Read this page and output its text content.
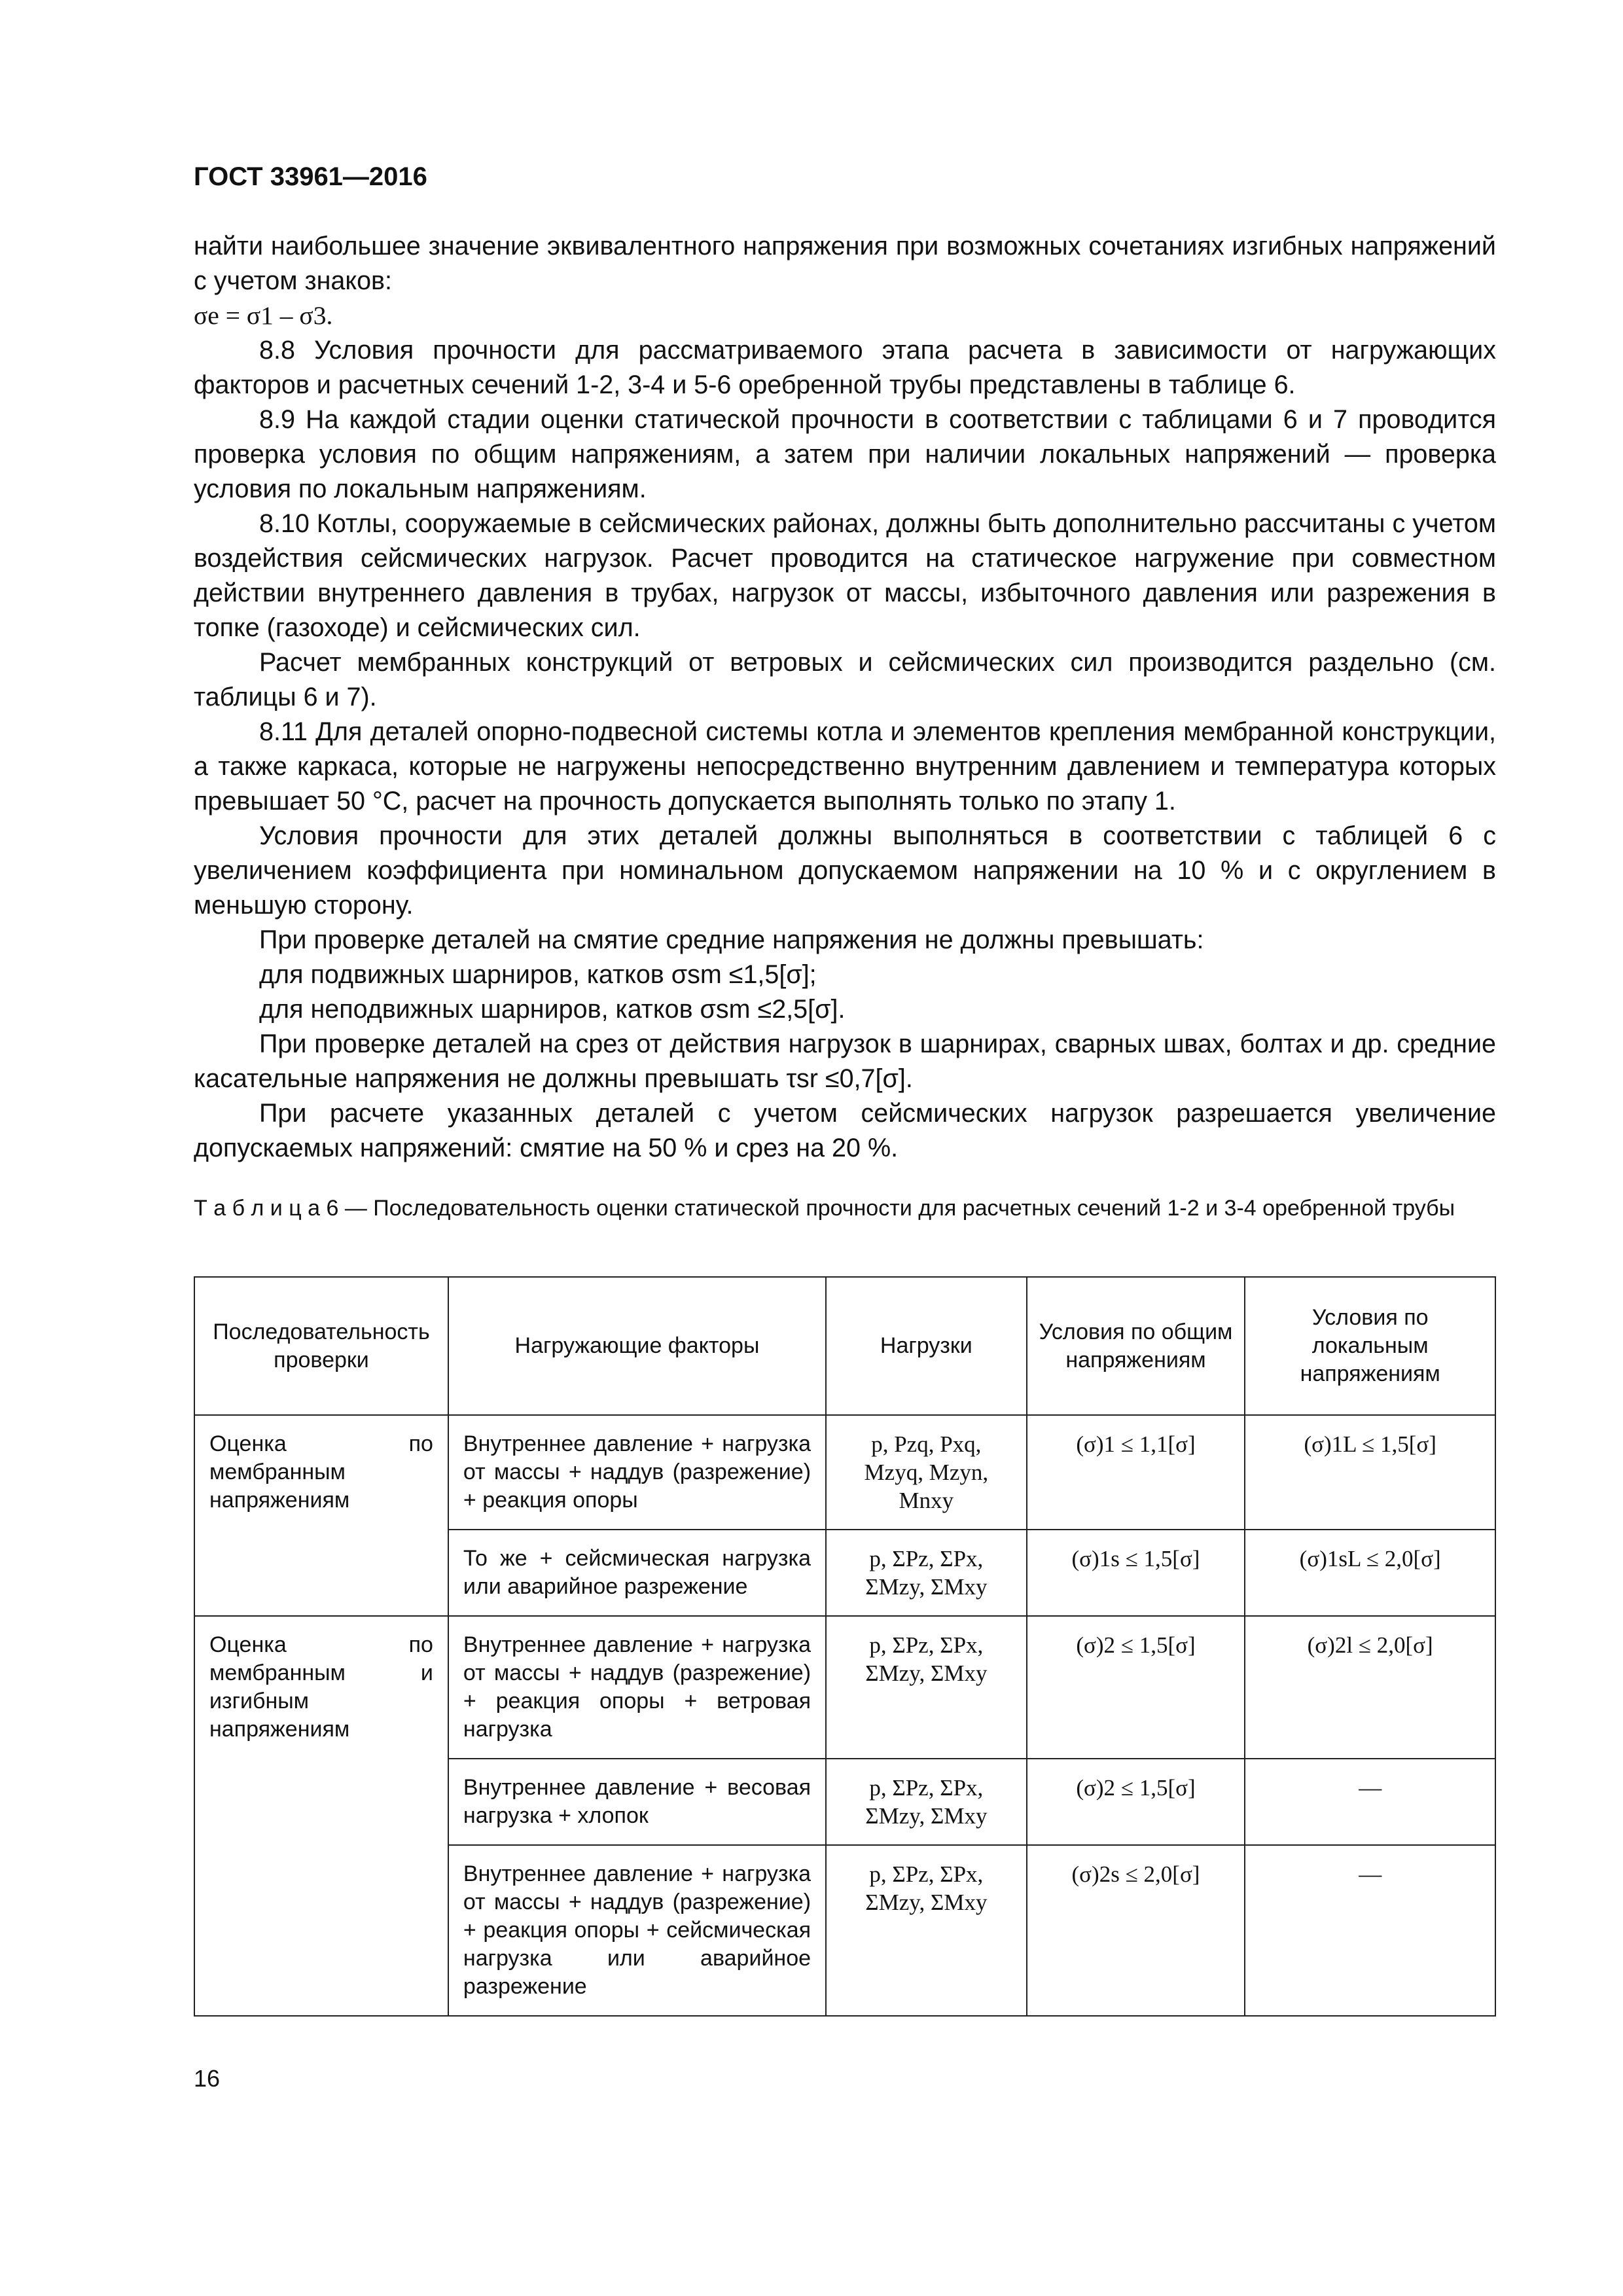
ГОСТ 33961—2016

найти наибольшее значение эквивалентного напряжения при возможных сочетаниях изгибных напряжений с учетом знаков:

σe = σ1 – σ3.

8.8 Условия прочности для рассматриваемого этапа расчета в зависимости от нагружающих факторов и расчетных сечений 1-2, 3-4 и 5-6 оребренной трубы представлены в таблице 6.

8.9 На каждой стадии оценки статической прочности в соответствии с таблицами 6 и 7 проводится проверка условия по общим напряжениям, а затем при наличии локальных напряжений — проверка условия по локальным напряжениям.

8.10 Котлы, сооружаемые в сейсмических районах, должны быть дополнительно рассчитаны с учетом воздействия сейсмических нагрузок. Расчет проводится на статическое нагружение при совместном действии внутреннего давления в трубах, нагрузок от массы, избыточного давления или разрежения в топке (газоходе) и сейсмических сил.

Расчет мембранных конструкций от ветровых и сейсмических сил производится раздельно (см. таблицы 6 и 7).

8.11 Для деталей опорно-подвесной системы котла и элементов крепления мембранной конструкции, а также каркаса, которые не нагружены непосредственно внутренним давлением и температура которых превышает 50 °С, расчет на прочность допускается выполнять только по этапу 1.

Условия прочности для этих деталей должны выполняться в соответствии с таблицей 6 с увеличением коэффициента при номинальном допускаемом напряжении на 10 % и с округлением в меньшую сторону.

При проверке деталей на смятие средние напряжения не должны превышать:

для подвижных шарниров, катков σsm ≤1,5[σ];

для неподвижных шарниров, катков σsm ≤2,5[σ].

При проверке деталей на срез от действия нагрузок в шарнирах, сварных швах, болтах и др. средние касательные напряжения не должны превышать τsr ≤0,7[σ].

При расчете указанных деталей с учетом сейсмических нагрузок разрешается увеличение допускаемых напряжений: смятие на 50 % и срез на 20 %.

Т а б л и ц а 6 — Последовательность оценки статической прочности для расчетных сечений 1-2 и 3-4 оребренной трубы
Последовательность проверки	Нагружающие факторы	Нагрузки	Условия по общим напряжениям	Условия по локальным напряжениям
Оценка по мембранным напряжениям	Внутреннее давление + нагрузка от массы + наддув (разрежение) + реакция опоры	p, Pzq, Pxq, Mzyq, Mzyn, Mnxy	(σ)1 ≤ 1,1[σ]	(σ)1L ≤ 1,5[σ]
	То же + сейсмическая нагрузка или аварийное разрежение	p, ΣPz, ΣPx, ΣMzy, ΣMxy	(σ)1s ≤ 1,5[σ]	(σ)1sL ≤ 2,0[σ]
Оценка по мембранным и изгибным напряжениям	Внутреннее давление + нагрузка от массы + наддув (разрежение) + реакция опоры + ветровая нагрузка	p, ΣPz, ΣPx, ΣMzy, ΣMxy	(σ)2 ≤ 1,5[σ]	(σ)2l ≤ 2,0[σ]
	Внутреннее давление + весовая нагрузка + хлопок	p, ΣPz, ΣPx, ΣMzy, ΣMxy	(σ)2 ≤ 1,5[σ]	—
	Внутреннее давление + нагрузка от массы + наддув (разрежение) + реакция опоры + сейсмическая нагрузка или аварийное разрежение	p, ΣPz, ΣPx, ΣMzy, ΣMxy	(σ)2s ≤ 2,0[σ]	—
16
